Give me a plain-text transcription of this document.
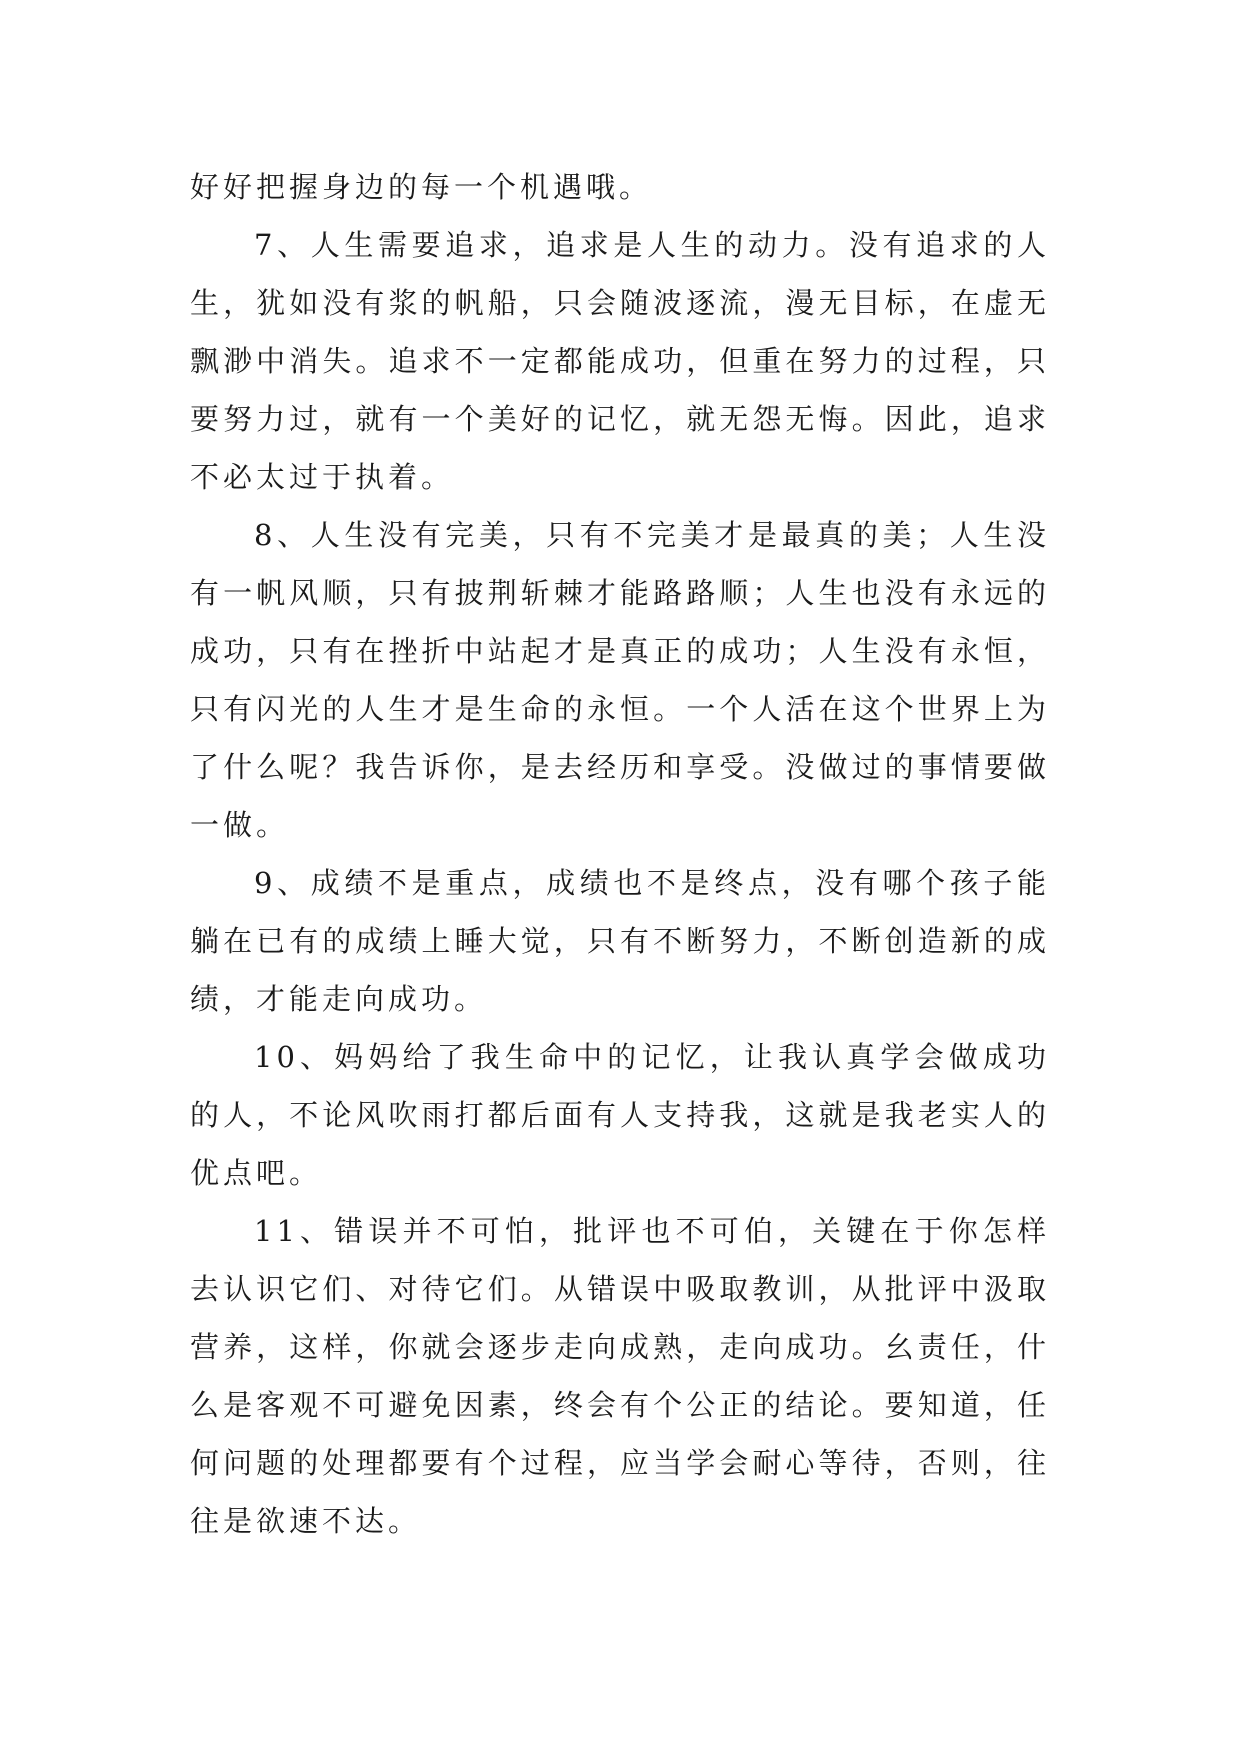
好好把握身边的每一个机遇哦。

7、人生需要追求，追求是人生的动力。没有追求的人生，犹如没有浆的帆船，只会随波逐流，漫无目标，在虚无飘渺中消失。追求不一定都能成功，但重在努力的过程，只要努力过，就有一个美好的记忆，就无怨无悔。因此，追求不必太过于执着。

8、人生没有完美，只有不完美才是最真的美；人生没有一帆风顺，只有披荆斩棘才能路路顺；人生也没有永远的成功，只有在挫折中站起才是真正的成功；人生没有永恒，只有闪光的人生才是生命的永恒。一个人活在这个世界上为了什么呢？我告诉你，是去经历和享受。没做过的事情要做一做。

9、成绩不是重点，成绩也不是终点，没有哪个孩子能躺在已有的成绩上睡大觉，只有不断努力，不断创造新的成绩，才能走向成功。

10、妈妈给了我生命中的记忆，让我认真学会做成功的人，不论风吹雨打都后面有人支持我，这就是我老实人的优点吧。

11、错误并不可怕，批评也不可伯，关键在于你怎样去认识它们、对待它们。从错误中吸取教训，从批评中汲取营养，这样，你就会逐步走向成熟，走向成功。幺责任，什么是客观不可避免因素，终会有个公正的结论。要知道，任何问题的处理都要有个过程，应当学会耐心等待，否则，往往是欲速不达。
